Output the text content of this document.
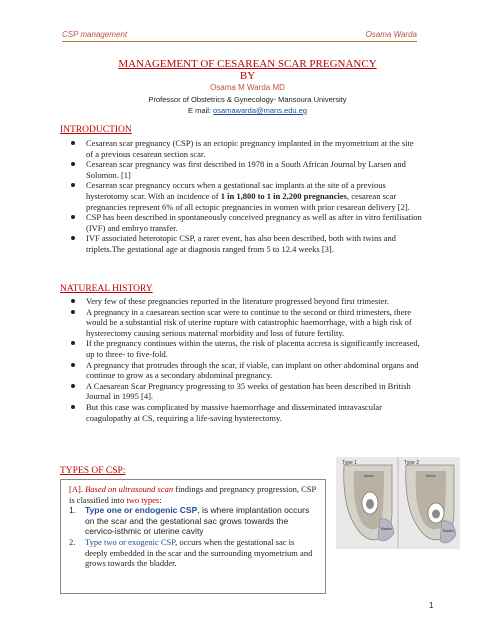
CSP management	Osama Warda
MANAGEMENT OF CESAREAN SCAR PREGNANCY
BY
Osama M Warda MD
Professor of Obstetrics & Gynecology- Mansoura University
E mail: osamawarda@mans.edu.eg
INTRODUCTION
Cesarean scar pregnancy (CSP) is an ectopic pregnancy implanted in the myometrium at the site of a previous cesarean section scar.
Cesarean scar pregnancy was first described in 1978 in a South African Journal by Larsen and Solomon. [1]
Cesarean scar pregnancy occurs when a gestational sac implants at the site of a previous hysterotomy scar. With an incidence of 1 in 1,800 to 1 in 2,200 pregnancies, cesarean scar pregnancies represent 6% of all ectopic pregnancies in women with prior cesarean delivery [2].
CSP has been described in spontaneously conceived pregnancy as well as after in vitro fertilisation (IVF) and embryo transfer.
IVF associated heterotopic CSP, a rarer event, has also been described, both with twins and triplets.The gestational age at diagnosis ranged from 5 to 12.4 weeks [3].
NATUREAL HISTORY
Very few of these pregnancies reported in the literature progressed beyond first trimester.
A pregnancy in a caesarean section scar were to continue to the second or third trimesters, there would be a substantial risk of uterine rupture with catastrophic haemorrhage, with a high risk of hysterectomy causing serious maternal morbidity and loss of future fertility.
If the pregnancy continues within the uterus, the risk of placenta accreta is significantly increased, up to three- to five-fold.
A pregnancy that protrudes through the scar, if viable, can implant on other abdominal organs and continue to grow as a secondary abdominal pregnancy.
A Caesarean Scar Pregnancy progressing to 35 weeks of gestation has been described in British Journal in 1995 [4].
But this case was complicated by massive haemorrhage and disseminated intravascular coagulopathy at CS, requiring a life-saving hysterectomy.
TYPES OF CSP:
[A]. Based on ultrasound scan findings and pregnancy progression, CSP is classified into two types:
1. Type one or endogenic CSP, is where implantation occurs on the scar and the gestational sac grows towards the cervico-isthmic or uterine cavity
2. Type two or exogenic CSP, occurs when the gestational sac is deeply embedded in the scar and the surrounding myometrium and grows towards the bladder.
Type 1
Uterus
Bladder
Type 2
Uterus
Bladder
1
